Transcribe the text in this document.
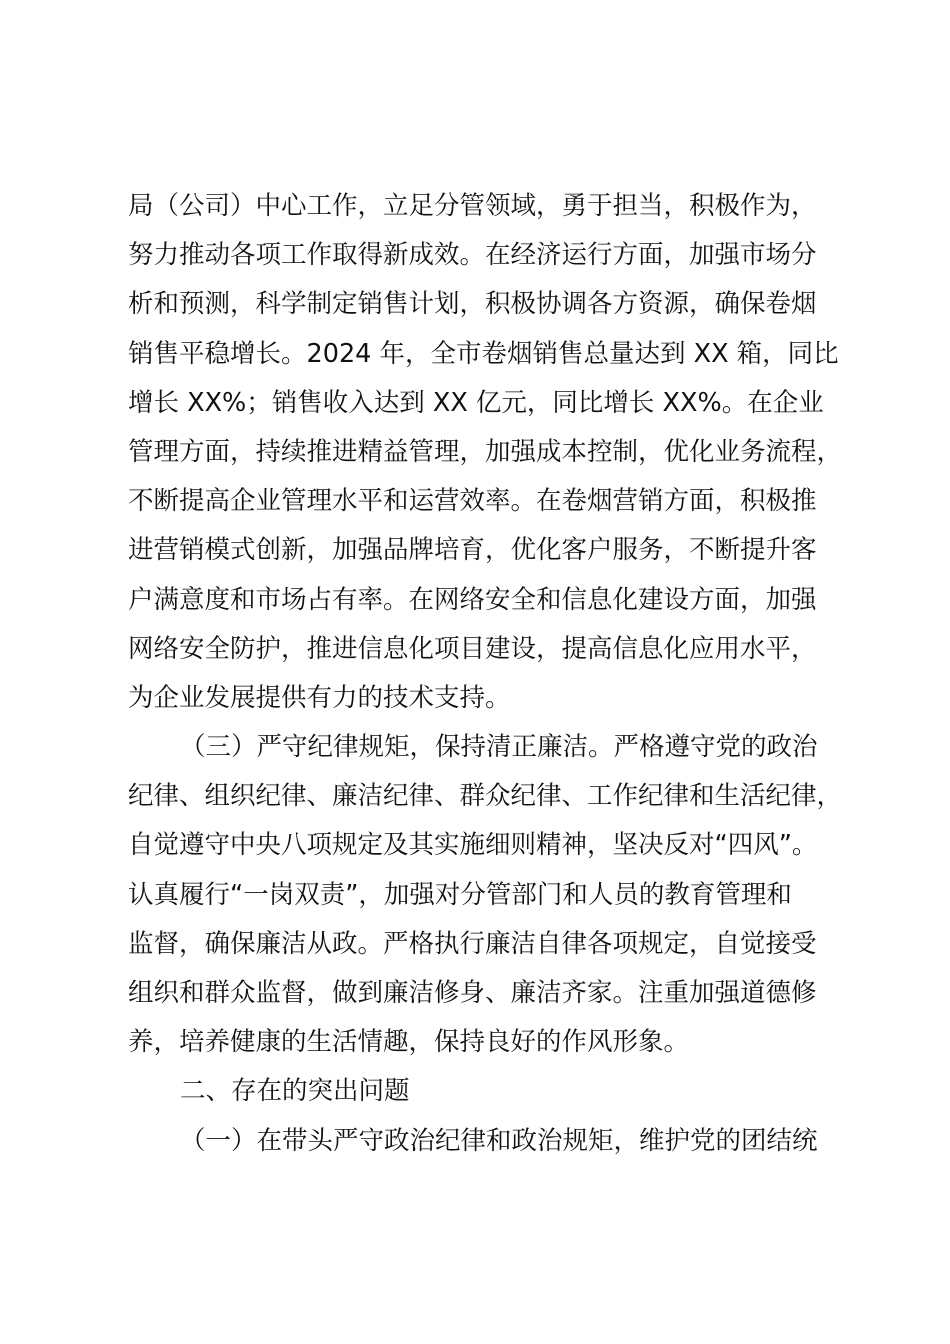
局（公司）中心工作，立足分管领域，勇于担当，积极作为，
努力推动各项工作取得新成效。在经济运行方面，加强市场分
析和预测，科学制定销售计划，积极协调各方资源，确保卷烟
销售平稳增长。2024 年，全市卷烟销售总量达到 XX 箱，同比
增长 XX%；销售收入达到 XX 亿元，同比增长 XX%。在企业
管理方面，持续推进精益管理，加强成本控制，优化业务流程，
不断提高企业管理水平和运营效率。在卷烟营销方面，积极推
进营销模式创新，加强品牌培育，优化客户服务，不断提升客
户满意度和市场占有率。在网络安全和信息化建设方面，加强
网络安全防护，推进信息化项目建设，提高信息化应用水平，
为企业发展提供有力的技术支持。
（三）严守纪律规矩，保持清正廉洁。严格遵守党的政治
纪律、组织纪律、廉洁纪律、群众纪律、工作纪律和生活纪律，
自觉遵守中央八项规定及其实施细则精神，坚决反对“四风”。
认真履行“一岗双责”，加强对分管部门和人员的教育管理和
监督，确保廉洁从政。严格执行廉洁自律各项规定，自觉接受
组织和群众监督，做到廉洁修身、廉洁齐家。注重加强道德修
养，培养健康的生活情趣，保持良好的作风形象。
二、存在的突出问题
（一）在带头严守政治纪律和政治规矩，维护党的团结统
